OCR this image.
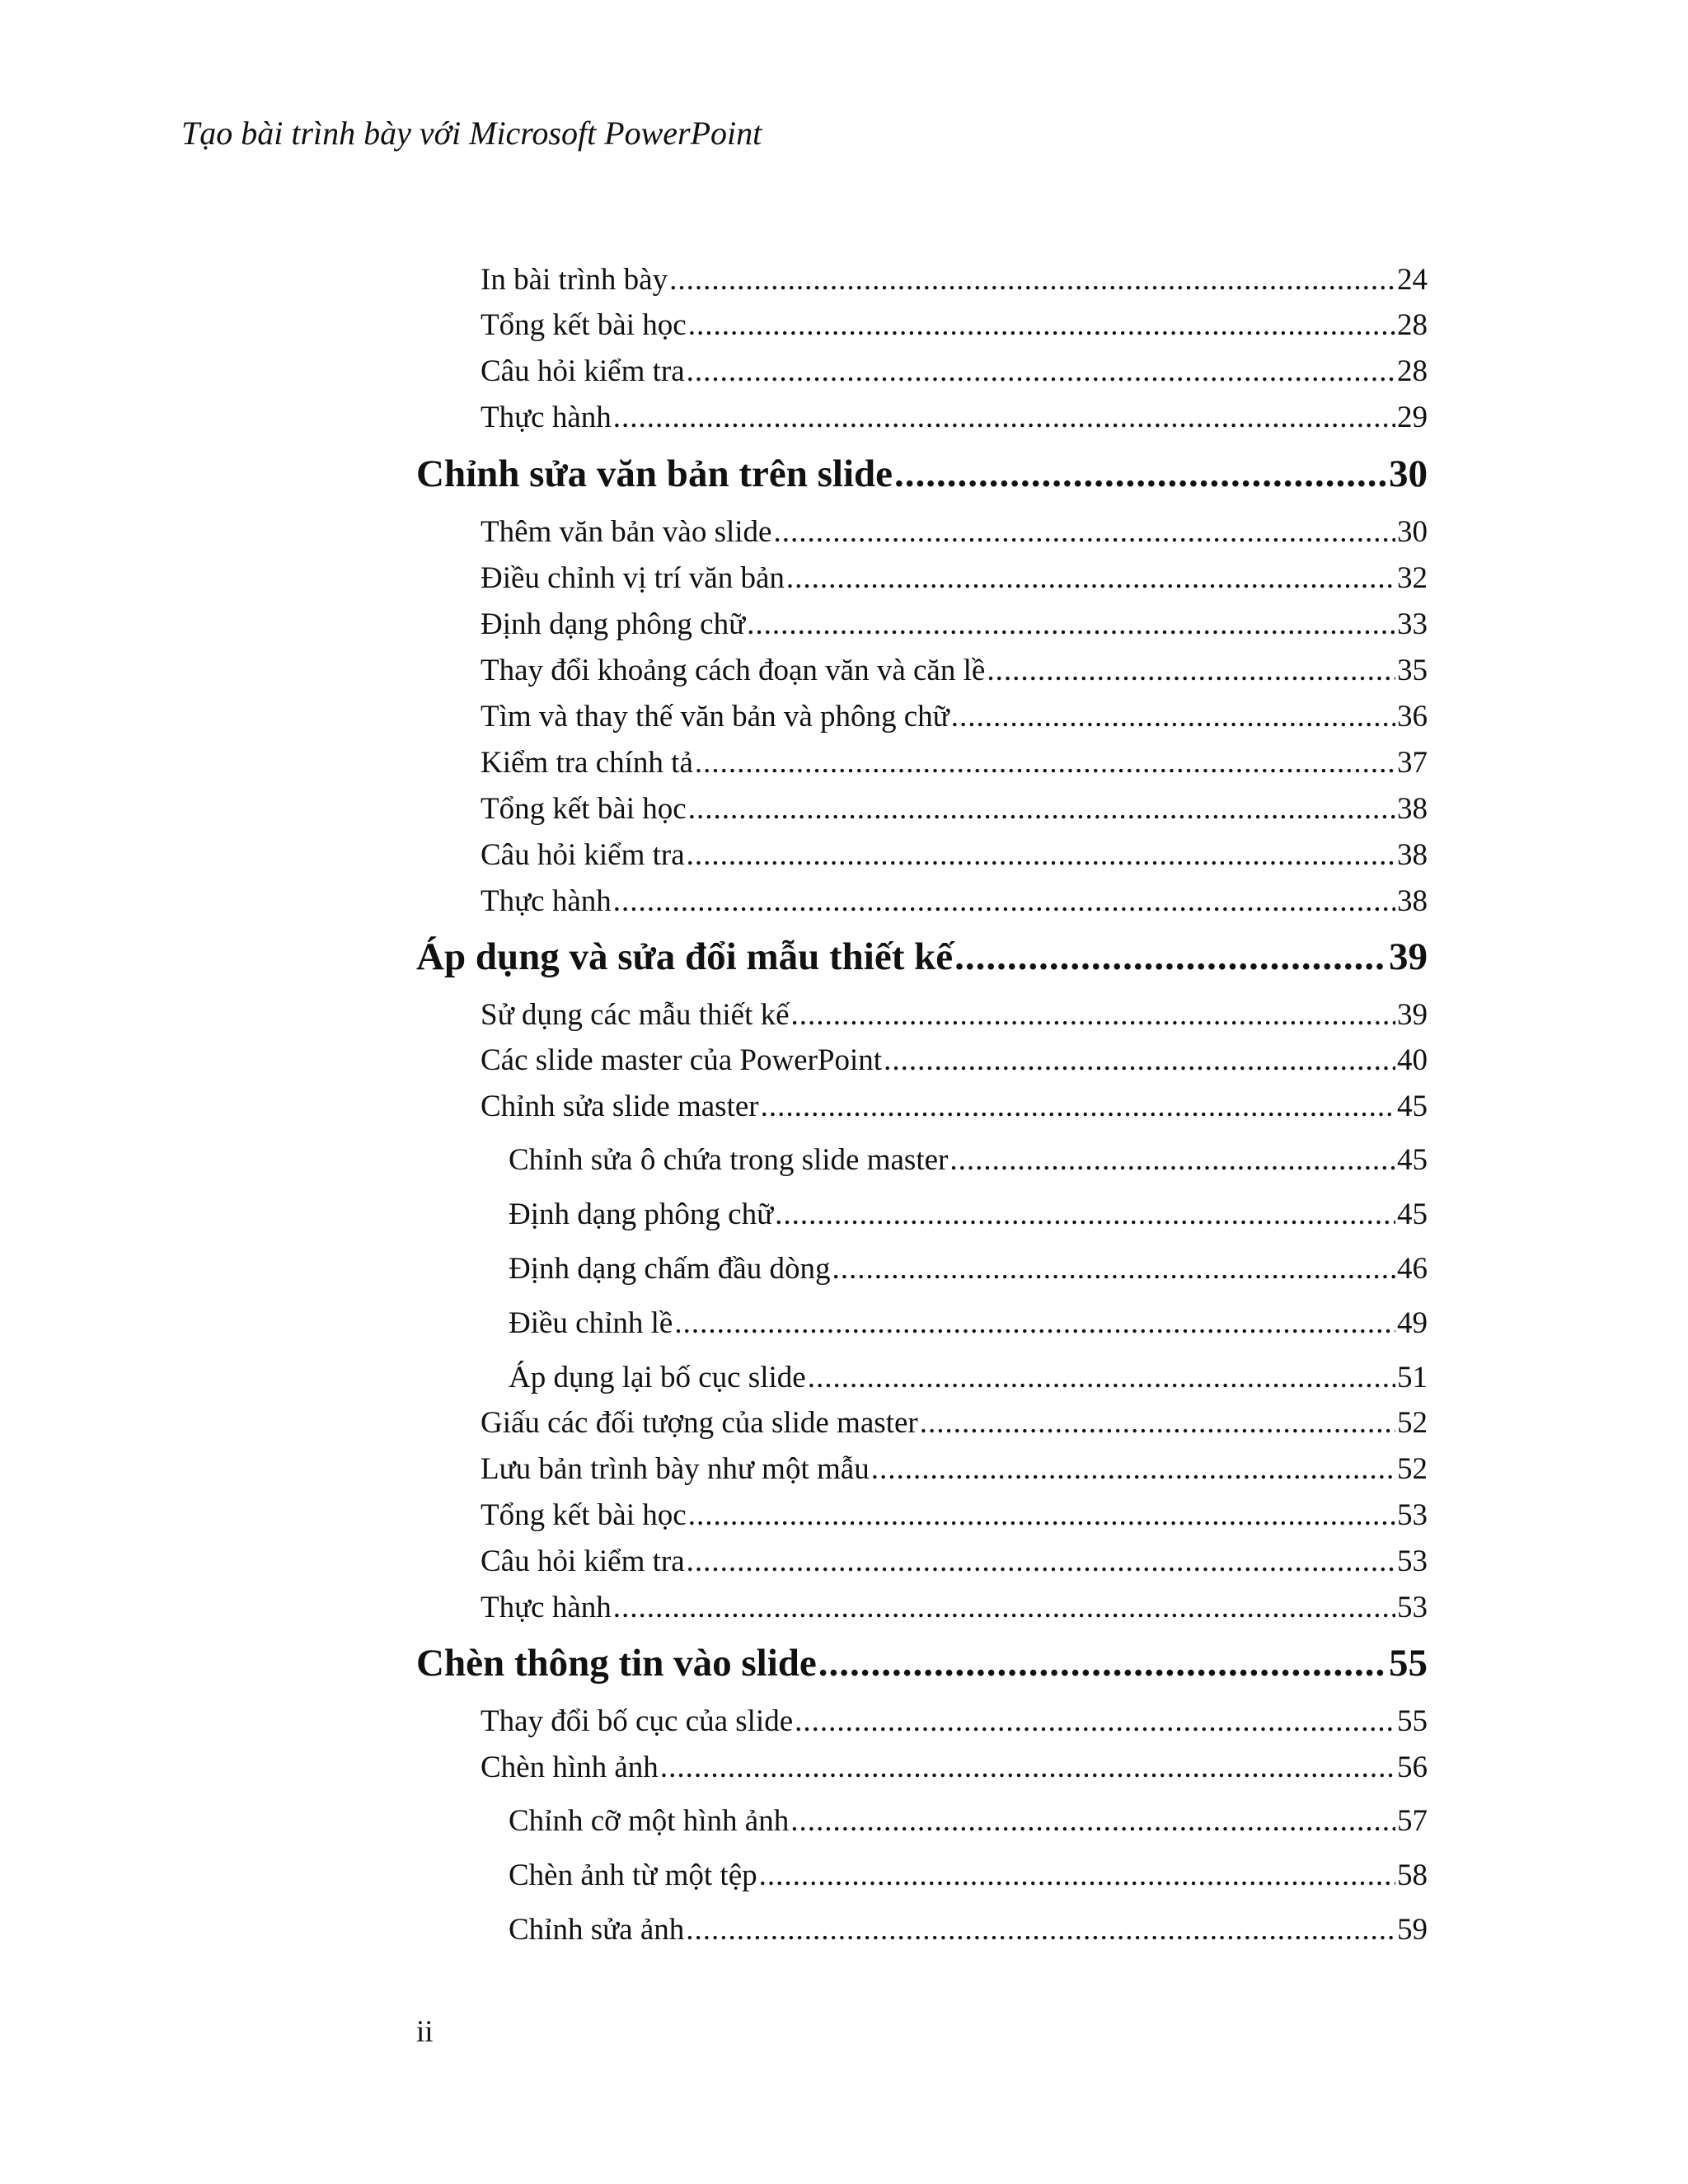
Tạo bài trình bày với Microsoft PowerPoint
In bài trình bày .....	24
Tổng kết bài học .....	28
Câu hỏi kiểm tra .....	28
Thực hành .....	29
Chỉnh sửa văn bản trên slide .....	30
Thêm văn bản vào slide .....	30
Điều chỉnh vị trí văn bản .....	32
Định dạng phông chữ .....	33
Thay đổi khoảng cách đoạn văn và căn lề .....	35
Tìm và thay thế văn bản và phông chữ .....	36
Kiểm tra chính tả .....	37
Tổng kết bài học .....	38
Câu hỏi kiểm tra .....	38
Thực hành .....	38
Áp dụng và sửa đổi mẫu thiết kế .....	39
Sử dụng các mẫu thiết kế .....	39
Các slide master của PowerPoint .....	40
Chỉnh sửa slide master .....	45
Chỉnh sửa ô chứa trong slide master .....	45
Định dạng phông chữ .....	45
Định dạng chấm đầu dòng .....	46
Điều chỉnh lề .....	49
Áp dụng lại bố cục slide .....	51
Giấu các đối tượng của slide master .....	52
Lưu bản trình bày như một mẫu .....	52
Tổng kết bài học .....	53
Câu hỏi kiểm tra .....	53
Thực hành .....	53
Chèn thông tin vào slide .....	55
Thay đổi bố cục của slide .....	55
Chèn hình ảnh .....	56
Chỉnh cỡ một hình ảnh .....	57
Chèn ảnh từ một tệp .....	58
Chỉnh sửa ảnh .....	59
ii
